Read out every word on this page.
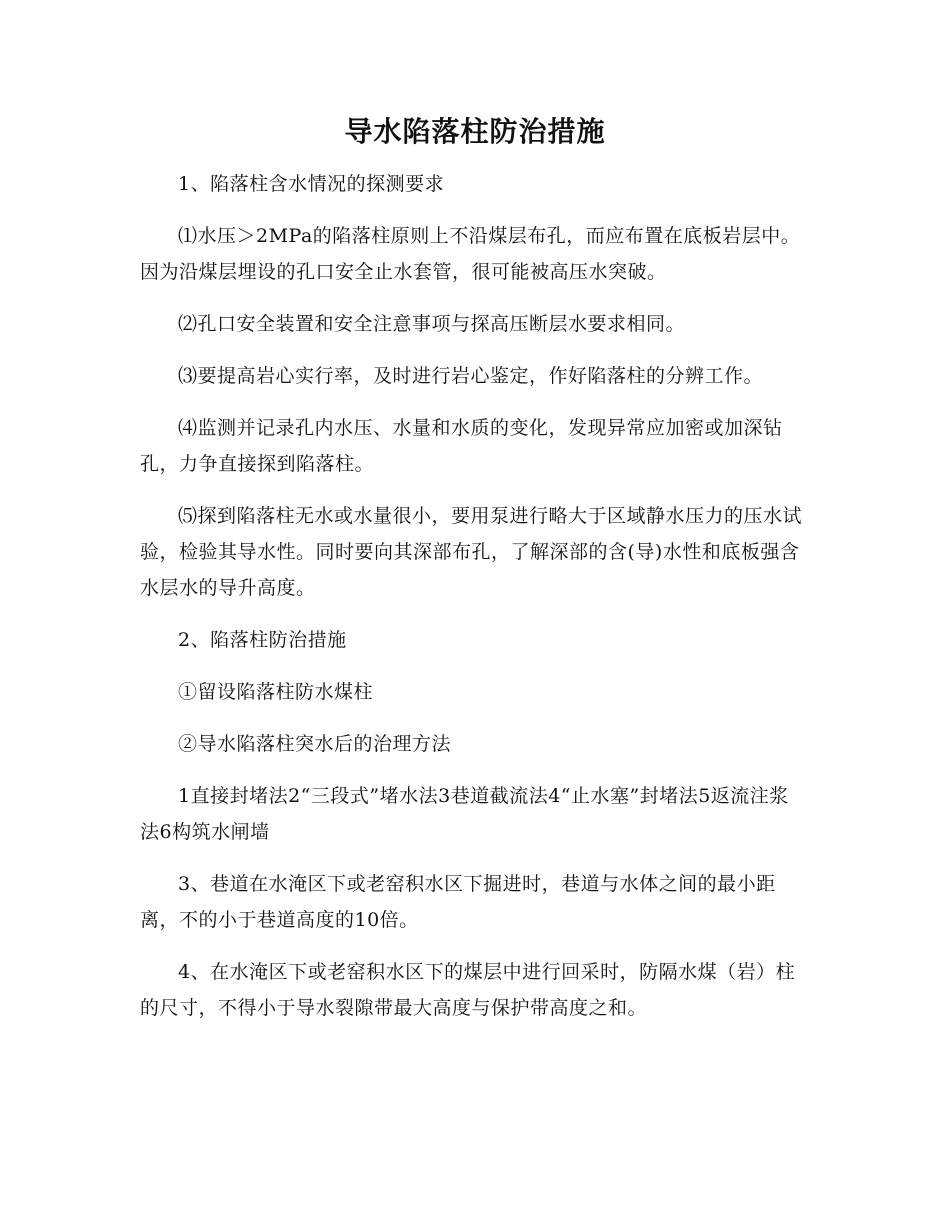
导水陷落柱防治措施

1、陷落柱含水情况的探测要求

⑴水压＞2MPa的陷落柱原则上不沿煤层布孔，而应布置在底板岩层中。因为沿煤层埋设的孔口安全止水套管，很可能被高压水突破。

⑵孔口安全装置和安全注意事项与探高压断层水要求相同。

⑶要提高岩心实行率，及时进行岩心鉴定，作好陷落柱的分辨工作。

⑷监测并记录孔内水压、水量和水质的变化，发现异常应加密或加深钻孔，力争直接探到陷落柱。

⑸探到陷落柱无水或水量很小，要用泵进行略大于区域静水压力的压水试验，检验其导水性。同时要向其深部布孔，了解深部的含(导)水性和底板强含水层水的导升高度。

2、陷落柱防治措施

①留设陷落柱防水煤柱

②导水陷落柱突水后的治理方法

1直接封堵法2“三段式”堵水法3巷道截流法4“止水塞”封堵法5返流注浆法6构筑水闸墙

3、巷道在水淹区下或老窑积水区下掘进时，巷道与水体之间的最小距离，不的小于巷道高度的10倍。

4、在水淹区下或老窑积水区下的煤层中进行回采时，防隔水煤（岩）柱的尺寸，不得小于导水裂隙带最大高度与保护带高度之和。
